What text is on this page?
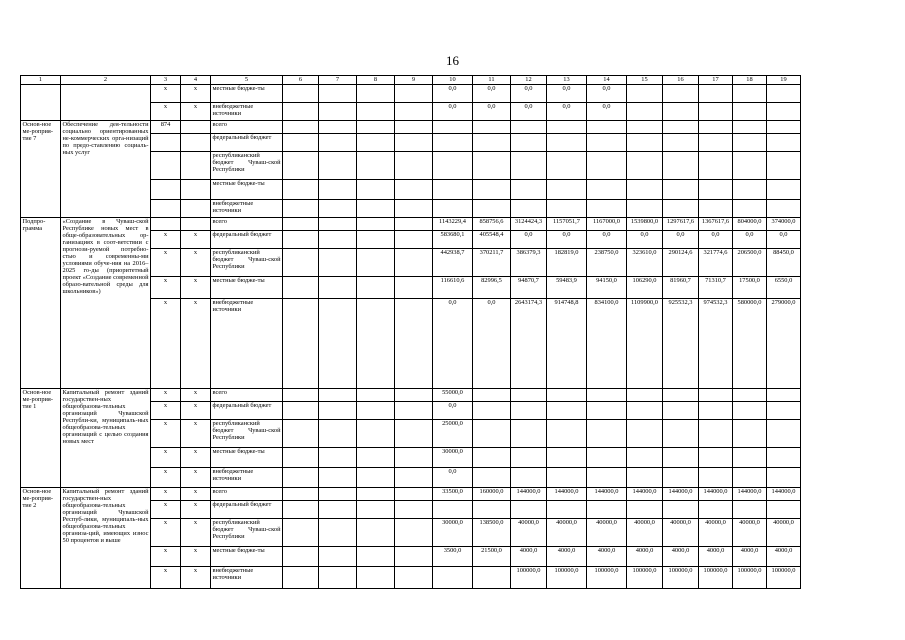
16
1	2	3	4	5	6	7	8	9	10	11	12	13	14	15	16	17	18	19
		х	х	местные бюдже-ты					0,0	0,0	0,0	0,0	0,0					
		х	х	внебюджетные источники					0,0	0,0	0,0	0,0	0,0					
Основ-ное ме-роприя-тие 7	Обеспечение дея-тельности социально ориентированных не-коммерческих орга-низаций по предо-ставлению социаль-ных услуг	874		всего														
				федеральный бюджет														
				республиканский бюджет Чуваш-ской Республики														
				местные бюдже-ты														
				внебюджетные источники														
Подпро-грамма	«Создание в Чуваш-ской Республике новых мест в обще-образовательных ор-ганизациях в соот-ветствии с прогнози-руемой потребно-стью и современны-ми условиями обуче-ния на 2016–2025 го-ды (приоритетный проект «Создание современной образо-вательной среды для школьников»)			всего					1143229,4	858756,6	3124424,3	1157051,7	1167000,0	1539800,0	1297617,6	1367617,6	804000,0	374000,0
		х	х	федеральный бюджет					583680,1	405548,4	0,0	0,0	0,0	0,0	0,0	0,0	0,0	0,0
		х	х	республиканский бюджет Чуваш-ской Республики					442938,7	370211,7	386379,3	182819,0	238750,0	323610,0	290124,6	321774,6	206500,0	88450,0
		х	х	местные бюдже-ты					116610,6	82996,5	94870,7	59483,9	94150,0	106290,0	81960,7	71310,7	17500,0	6550,0
		х	х	внебюджетные источники					0,0	0,0	2643174,3	914748,8	834100,0	1109900,0	925532,3	974532,3	580000,0	279000,0
Основ-ное ме-роприя-тие 1	Капитальный ремонт зданий государствен-ных общеобразова-тельных организаций Чувашской Республи-ки, муниципаль-ных общеобразова-тельных организаций с целью создания новых мест	х	х	всего					55000,0									
		х	х	федеральный бюджет					0,0									
		х	х	республиканский бюджет Чуваш-ской Республики					25000,0									
		х	х	местные бюдже-ты					30000,0									
		х	х	внебюджетные источники					0,0									
Основ-ное ме-роприя-тие 2	Капитальный ремонт зданий государствен-ных общеобразова-тельных организаций Чувашской Респуб-лики, муниципаль-ных общеобразова-тельных организа-ций, имеющих износ 50 процентов и выше	х	х	всего					33500,0	160000,0	144000,0	144000,0	144000,0	144000,0	144000,0	144000,0	144000,0	144000,0
		х	х	федеральный бюджет														
		х	х	республиканский бюджет Чуваш-ской Республики					30000,0	138500,0	40000,0	40000,0	40000,0	40000,0	40000,0	40000,0	40000,0	40000,0
		х	х	местные бюдже-ты					3500,0	21500,0	4000,0	4000,0	4000,0	4000,0	4000,0	4000,0	4000,0	4000,0
		х	х	внебюджетные источники							100000,0	100000,0	100000,0	100000,0	100000,0	100000,0	100000,0	100000,0
